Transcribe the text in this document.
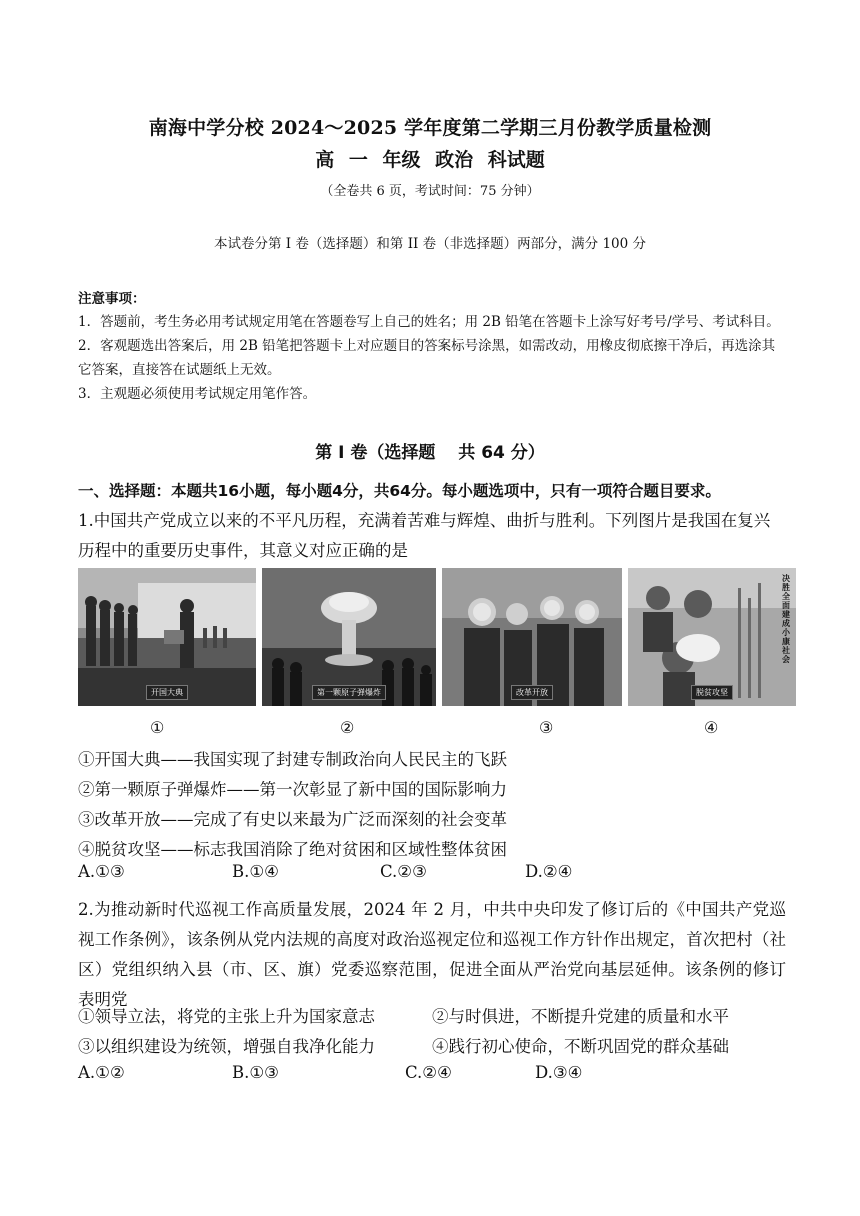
南海中学分校 2024～2025 学年度第二学期三月份教学质量检测
高 一 年级 政治 科试题
（全卷共 6 页，考试时间：75 分钟）
本试卷分第 I 卷（选择题）和第 II 卷（非选择题）两部分，满分 100 分
注意事项：

1．答题前，考生务必用考试规定用笔在答题卷写上自己的姓名；用 2B 铅笔在答题卡上涂写好考号/学号、考试科目。

2．客观题选出答案后，用 2B 铅笔把答题卡上对应题目的答案标号涂黑，如需改动，用橡皮彻底擦干净后，再选涂其它答案，直接答在试题纸上无效。

3．主观题必须使用考试规定用笔作答。

第 I 卷（选择题　 共 64 分）
一、选择题：本题共16小题，每小题4分，共64分。每小题选项中，只有一项符合题目要求。
1.中国共产党成立以来的不平凡历程，充满着苦难与辉煌、曲折与胜利。下列图片是我国在复兴历程中的重要历史事件，其意义对应正确的是
开国大典	第一颗原子弹爆炸	改革开放	脱贫攻坚
决胜全面建成小康社会
①	②	③	④

①开国大典——我国实现了封建专制政治向人民民主的飞跃

②第一颗原子弹爆炸——第一次彰显了新中国的国际影响力

③改革开放——完成了有史以来最为广泛而深刻的社会变革

④脱贫攻坚——标志我国消除了绝对贫困和区域性整体贫困

A.①③	B.①④	C.②③	D.②④
2.为推动新时代巡视工作高质量发展，2024 年 2 月，中共中央印发了修订后的《中国共产党巡视工作条例》，该条例从党内法规的高度对政治巡视定位和巡视工作方针作出规定，首次把村（社区）党组织纳入县（市、区、旗）党委巡察范围，促进全面从严治党向基层延伸。该条例的修订表明党
①领导立法，将党的主张上升为国家意志	②与时俱进，不断提升党建的质量和水平
③以组织建设为统领，增强自我净化能力	④践行初心使命，不断巩固党的群众基础
A.①②	B.①③	C.②④	D.③④
